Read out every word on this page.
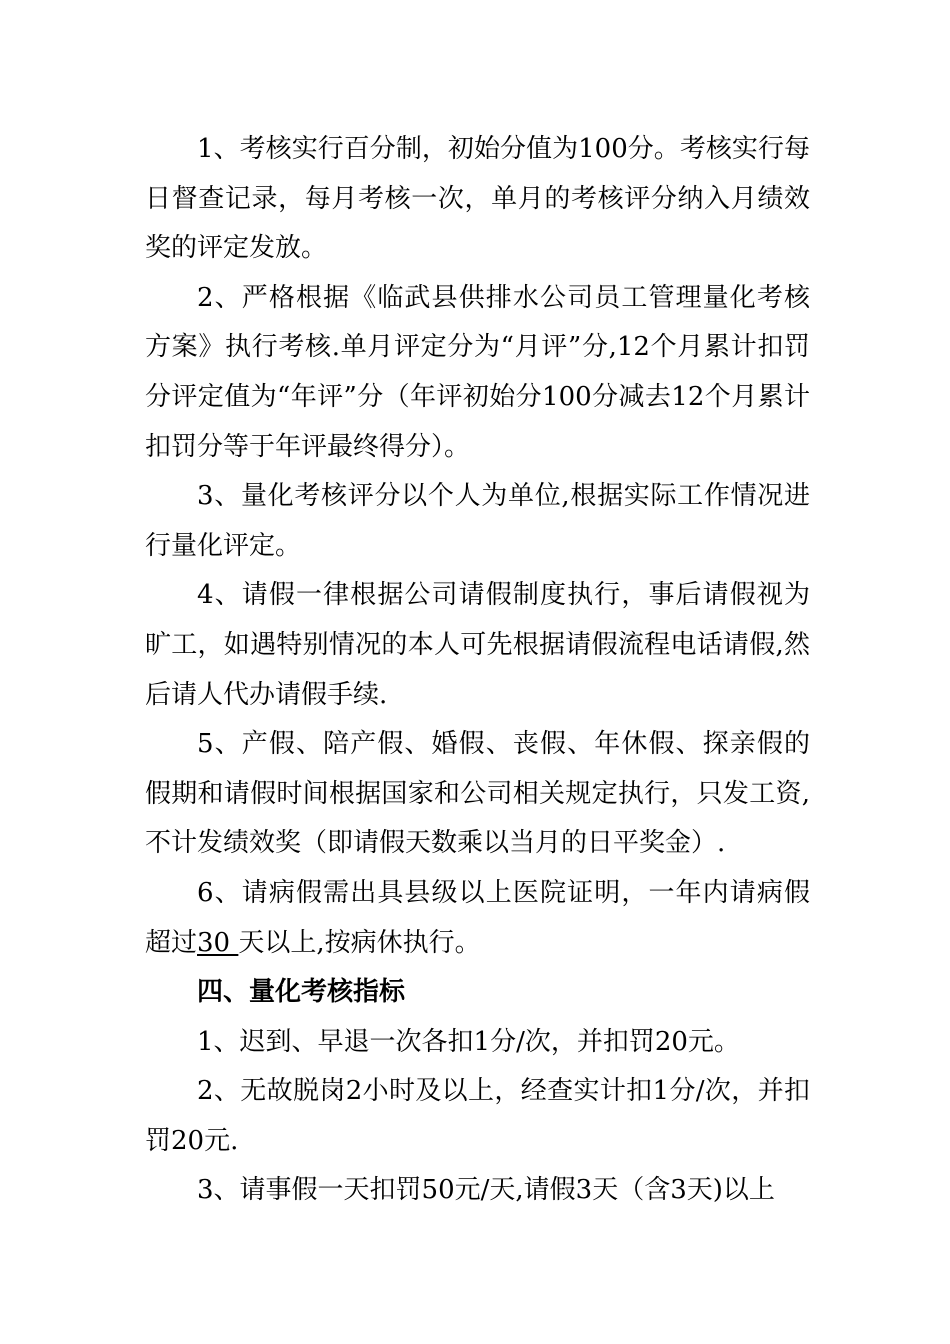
1、考核实行百分制，初始分值为100分。考核实行每日督查记录，每月考核一次，单月的考核评分纳入月绩效奖的评定发放。

2、严格根据《临武县供排水公司员工管理量化考核方案》执行考核.单月评定分为“月评”分,12个月累计扣罚分评定值为“年评”分（年评初始分100分减去12个月累计扣罚分等于年评最终得分）。

3、量化考核评分以个人为单位,根据实际工作情况进行量化评定。

4、请假一律根据公司请假制度执行，事后请假视为旷工，如遇特别情况的本人可先根据请假流程电话请假,然后请人代办请假手续.

5、产假、陪产假、婚假、丧假、年休假、探亲假的假期和请假时间根据国家和公司相关规定执行，只发工资,不计发绩效奖（即请假天数乘以当月的日平奖金）.

6、请病假需出具县级以上医院证明，一年内请病假超过30 天以上,按病休执行。

四、量化考核指标

1、迟到、早退一次各扣1分/次，并扣罚20元。

2、无故脱岗2小时及以上，经查实计扣1分/次，并扣罚20元.

3、请事假一天扣罚50元/天,请假3天（含3天)以上
